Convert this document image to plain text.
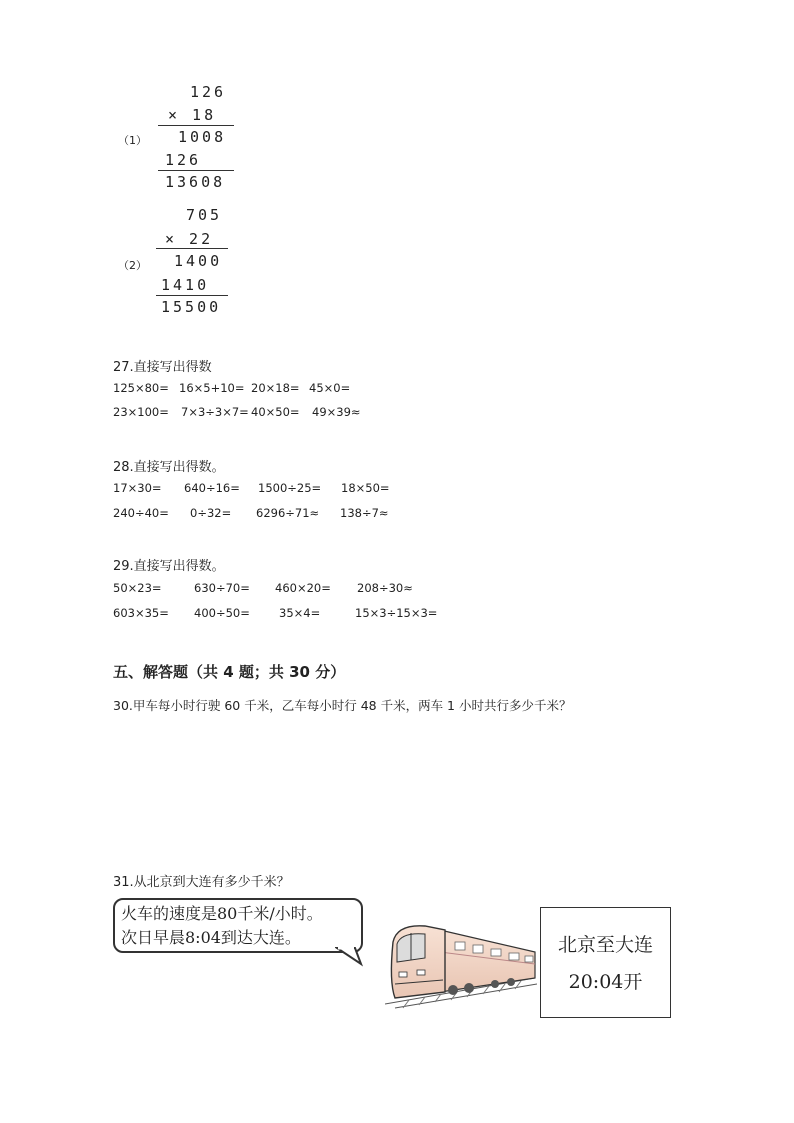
（1）
126
× 18
1008
126
13608
（2）
705
× 22
1400
1410
15500
27.直接写出得数
125×80= 16×5+10= 20×18= 45×0=
23×100= 7×3÷3×7= 40×50= 49×39≈
28.直接写出得数。
17×30= 640÷16= 1500÷25= 18×50=
240÷40= 0÷32= 6296÷71≈ 138÷7≈
29.直接写出得数。
50×23=	630÷70= 460×20= 208÷30≈
603×35= 400÷50=	35×4=	15×3÷15×3=
五、解答题（共 4 题；共 30 分）
30.甲车每小时行驶 60 千米，乙车每小时行 48 千米，两车 1 小时共行多少千米？
31.从北京到大连有多少千米？
火车的速度是80千米/小时。
次日早晨8:04到达大连。	北京至大连
20:04开
